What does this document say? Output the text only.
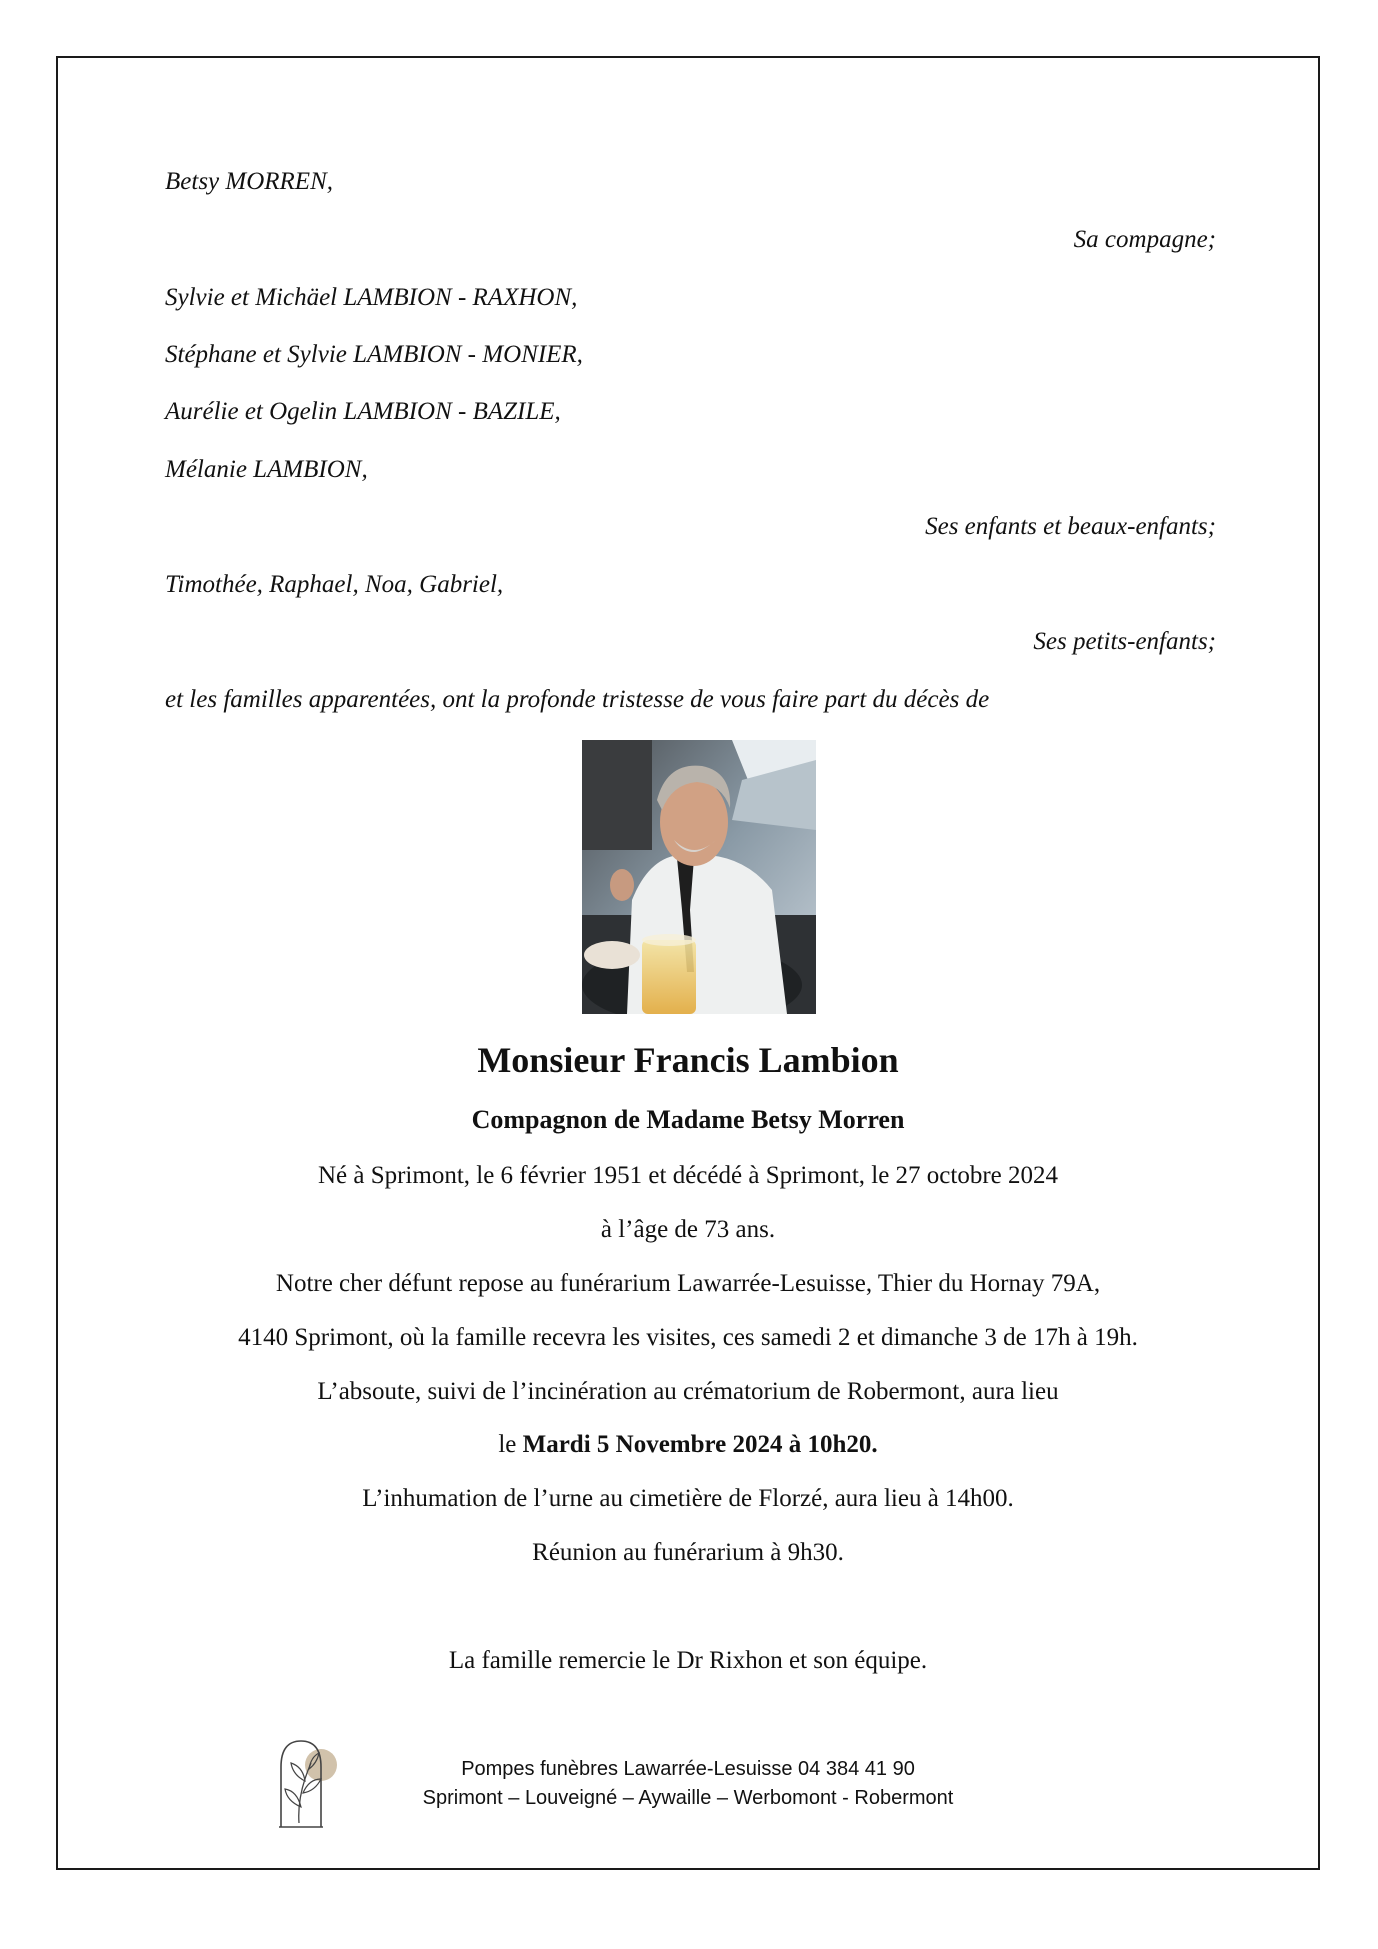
Betsy MORREN,
Sa compagne;
Sylvie et Michäel LAMBION - RAXHON,
Stéphane et Sylvie LAMBION - MONIER,
Aurélie et Ogelin LAMBION - BAZILE,
Mélanie LAMBION,
Ses enfants et beaux-enfants;
Timothée, Raphael, Noa, Gabriel,
Ses petits-enfants;
et les familles apparentées, ont la profonde tristesse de vous faire part du décès de
Monsieur Francis Lambion
Compagnon de Madame Betsy Morren
Né à Sprimont, le 6 février 1951 et décédé à Sprimont, le 27 octobre 2024
à l’âge de 73 ans.
Notre cher défunt repose au funérarium Lawarrée-Lesuisse, Thier du Hornay 79A,
4140 Sprimont, où la famille recevra les visites, ces samedi 2 et dimanche 3 de 17h à 19h.
L’absoute, suivi de l’incinération au crématorium de Robermont, aura lieu
le Mardi 5 Novembre 2024 à 10h20.
L’inhumation de l’urne au cimetière de Florzé, aura lieu à 14h00.
Réunion au funérarium à 9h30.
La famille remercie le Dr Rixhon et son équipe.
Pompes funèbres Lawarrée-Lesuisse 04 384 41 90
Sprimont – Louveigné – Aywaille – Werbomont - Robermont
